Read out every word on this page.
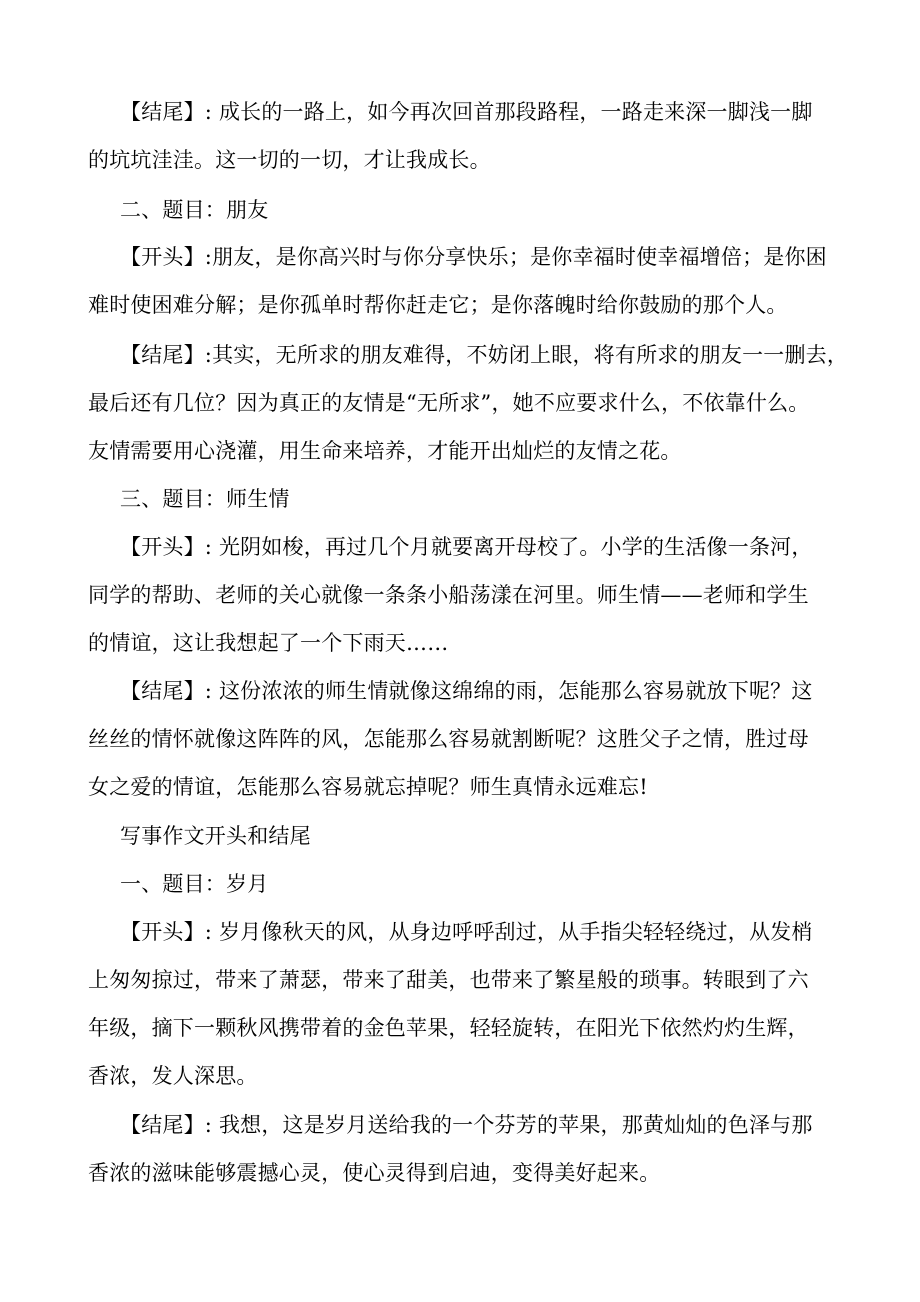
【结尾】: 成长的一路上，如今再次回首那段路程，一路走来深一脚浅一脚
的坑坑洼洼。这一切的一切，才让我成长。
二、题目：朋友
【开头】:朋友，是你高兴时与你分享快乐；是你幸福时使幸福增倍；是你困
难时使困难分解；是你孤单时帮你赶走它；是你落魄时给你鼓励的那个人。
【结尾】:其实，无所求的朋友难得，不妨闭上眼，将有所求的朋友一一删去，
最后还有几位？因为真正的友情是“无所求”，她不应要求什么，不依靠什么。
友情需要用心浇灌，用生命来培养，才能开出灿烂的友情之花。
三、题目：师生情
【开头】: 光阴如梭，再过几个月就要离开母校了。小学的生活像一条河，
同学的帮助、老师的关心就像一条条小船荡漾在河里。师生情——老师和学生
的情谊，这让我想起了一个下雨天……
【结尾】: 这份浓浓的师生情就像这绵绵的雨，怎能那么容易就放下呢？这
丝丝的情怀就像这阵阵的风，怎能那么容易就割断呢？这胜父子之情，胜过母
女之爱的情谊，怎能那么容易就忘掉呢？师生真情永远难忘!
写事作文开头和结尾
一、题目：岁月
【开头】: 岁月像秋天的风，从身边呼呼刮过，从手指尖轻轻绕过，从发梢
上匆匆掠过，带来了萧瑟，带来了甜美，也带来了繁星般的琐事。转眼到了六
年级，摘下一颗秋风携带着的金色苹果，轻轻旋转，在阳光下依然灼灼生辉，
香浓，发人深思。
【结尾】: 我想，这是岁月送给我的一个芬芳的苹果，那黄灿灿的色泽与那
香浓的滋味能够震撼心灵，使心灵得到启迪，变得美好起来。
